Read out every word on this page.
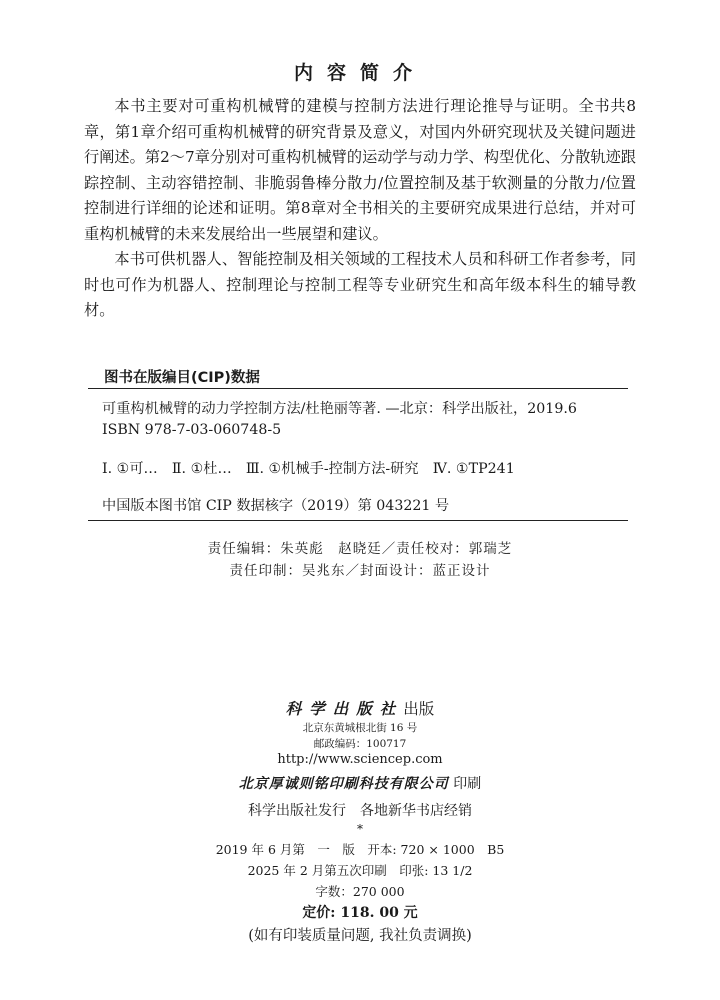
内容简介

本书主要对可重构机械臂的建模与控制方法进行理论推导与证明。全书共8章，第1章介绍可重构机械臂的研究背景及意义，对国内外研究现状及关键问题进行阐述。第2～7章分别对可重构机械臂的运动学与动力学、构型优化、分散轨迹跟踪控制、主动容错控制、非脆弱鲁棒分散力/位置控制及基于软测量的分散力/位置控制进行详细的论述和证明。第8章对全书相关的主要研究成果进行总结，并对可重构机械臂的未来发展给出一些展望和建议。

本书可供机器人、智能控制及相关领域的工程技术人员和科研工作者参考，同时也可作为机器人、控制理论与控制工程等专业研究生和高年级本科生的辅导教材。

图书在版编目(CIP)数据
可重构机械臂的动力学控制方法/杜艳丽等著. —北京：科学出版社，2019.6
ISBN 978-7-03-060748-5
Ⅰ. ①可…　Ⅱ. ①杜…　Ⅲ. ①机械手-控制方法-研究　Ⅳ. ①TP241
中国版本图书馆 CIP 数据核字（2019）第 043221 号
责任编辑：朱英彪　赵晓廷／责任校对：郭瑞芝
责任印制：吴兆东／封面设计：蓝正设计
科学出版社出版
北京东黄城根北街 16 号
邮政编码：100717
http://www.sciencep.com
北京厚诚则铭印刷科技有限公司 印刷
科学出版社发行　各地新华书店经销
*
2019 年 6 月第　一　版　开本: 720 × 1000　B5
2025 年 2 月第五次印刷　印张: 13 1/2
字数：270 000
定价: 118. 00 元
(如有印装质量问题, 我社负责调换)
